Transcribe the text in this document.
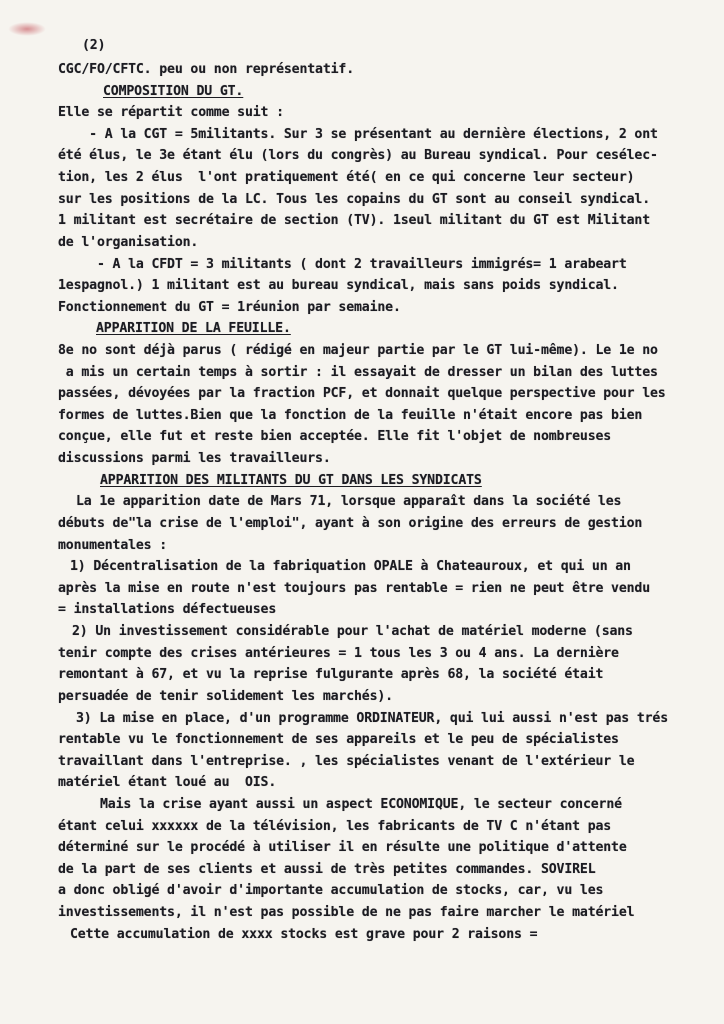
(2)
CGC/FO/CFTC. peu ou non représentatif.
COMPOSITION DU GT.
Elle se répartit comme suit :
- A la CGT = 5militants. Sur 3 se présentant au dernière élections, 2 ont
été élus, le 3e étant élu (lors du congrès) au Bureau syndical. Pour cesélec-
tion, les 2 élus  l'ont pratiquement été( en ce qui concerne leur secteur)
sur les positions de la LC. Tous les copains du GT sont au conseil syndical.
1 militant est secrétaire de section (TV). 1seul militant du GT est Militant
de l'organisation.
- A la CFDT = 3 militants ( dont 2 travailleurs immigrés= 1 arabeart
1espagnol.) 1 militant est au bureau syndical, mais sans poids syndical.
Fonctionnement du GT = 1réunion par semaine.
APPARITION DE LA FEUILLE.
8e no sont déjà parus ( rédigé en majeur partie par le GT lui-même). Le 1e no
a mis un certain temps à sortir : il essayait de dresser un bilan des luttes
passées, dévoyées par la fraction PCF, et donnait quelque perspective pour les
formes de luttes.Bien que la fonction de la feuille n'était encore pas bien
conçue, elle fut et reste bien acceptée. Elle fit l'objet de nombreuses
discussions parmi les travailleurs.
APPARITION DES MILITANTS DU GT DANS LES SYNDICATS
La 1e apparition date de Mars 71, lorsque apparaît dans la société les
débuts de"la crise de l'emploi", ayant à son origine des erreurs de gestion
monumentales :
1) Décentralisation de la fabriquation OPALE à Chateauroux, et qui un an
après la mise en route n'est toujours pas rentable = rien ne peut être vendu
= installations défectueuses
2) Un investissement considérable pour l'achat de matériel moderne (sans
tenir compte des crises antérieures = 1 tous les 3 ou 4 ans. La dernière
remontant à 67, et vu la reprise fulgurante après 68, la société était
persuadée de tenir solidement les marchés).
3) La mise en place, d'un programme ORDINATEUR, qui lui aussi n'est pas trés
rentable vu le fonctionnement de ses appareils et le peu de spécialistes
travaillant dans l'entreprise. , les spécialistes venant de l'extérieur le
matériel étant loué au  OIS.
Mais la crise ayant aussi un aspect ECONOMIQUE, le secteur concerné
étant celui xxxxxx de la télévision, les fabricants de TV C n'étant pas
déterminé sur le procédé à utiliser il en résulte une politique d'attente
de la part de ses clients et aussi de très petites commandes. SOVIREL
a donc obligé d'avoir d'importante accumulation de stocks, car, vu les
investissements, il n'est pas possible de ne pas faire marcher le matériel
Cette accumulation de xxxx stocks est grave pour 2 raisons =
